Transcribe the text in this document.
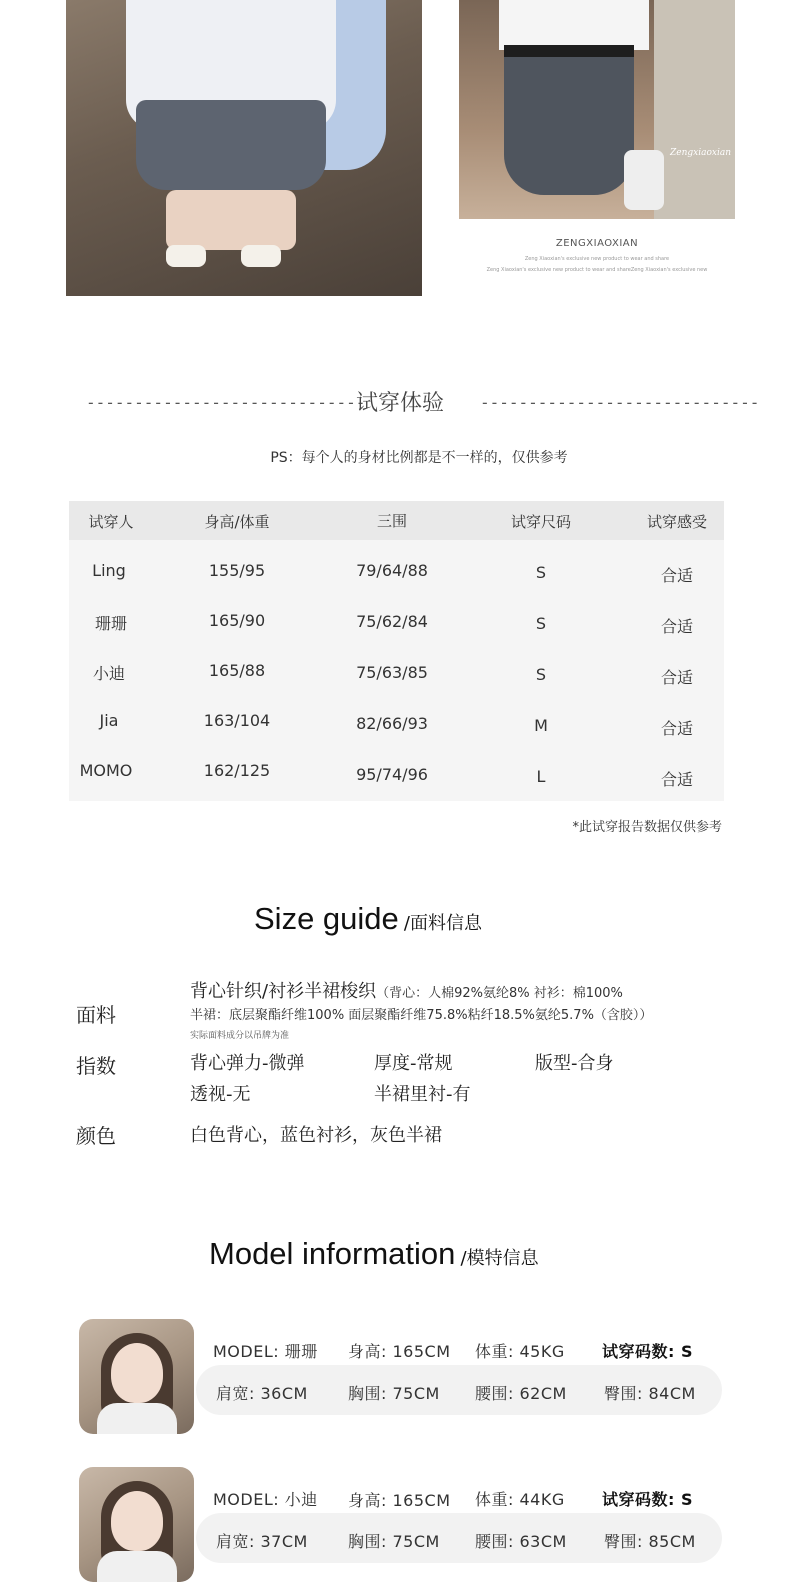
Zengxiaoxian
ZENGXIAOXIAN
Zeng Xiaoxian's exclusive new product to wear and share
Zeng Xiaoxian's exclusive new product to wear and shareZeng Xiaoxian's exclusive new
-----------------------------
试穿体验	-----------------------------
PS：每个人的身材比例都是不一样的，仅供参考
试穿人	身高/体重	三围	试穿尺码	试穿感受
Ling	155/95	79/64/88	S	合适
珊珊	165/90	75/62/84	S	合适
小迪	165/88	75/63/85	S	合适
Jia	163/104	82/66/93	M	合适
MOMO	162/125	95/74/96	L	合适
*此试穿报告数据仅供参考
Size guide /面料信息
面料
背心针织/衬衫半裙梭织（背心：人棉92%氨纶8% 衬衫：棉100%
半裙：底层聚酯纤维100% 面层聚酯纤维75.8%粘纤18.5%氨纶5.7%（含胶））
实际面料成分以吊牌为准
指数	背心弹力-微弹	厚度-常规	版型-合身
透视-无	半裙里衬-有
颜色	白色背心，蓝色衬衫，灰色半裙
Model information /模特信息
MODEL: 珊珊 身高: 165CM 体重: 45KG 试穿码数: S
肩宽: 36CM	胸围: 75CM 腰围: 62CM 臀围: 84CM
MODEL: 小迪 身高: 165CM 体重: 44KG 试穿码数: S
肩宽: 37CM	胸围: 75CM 腰围: 63CM 臀围: 85CM
